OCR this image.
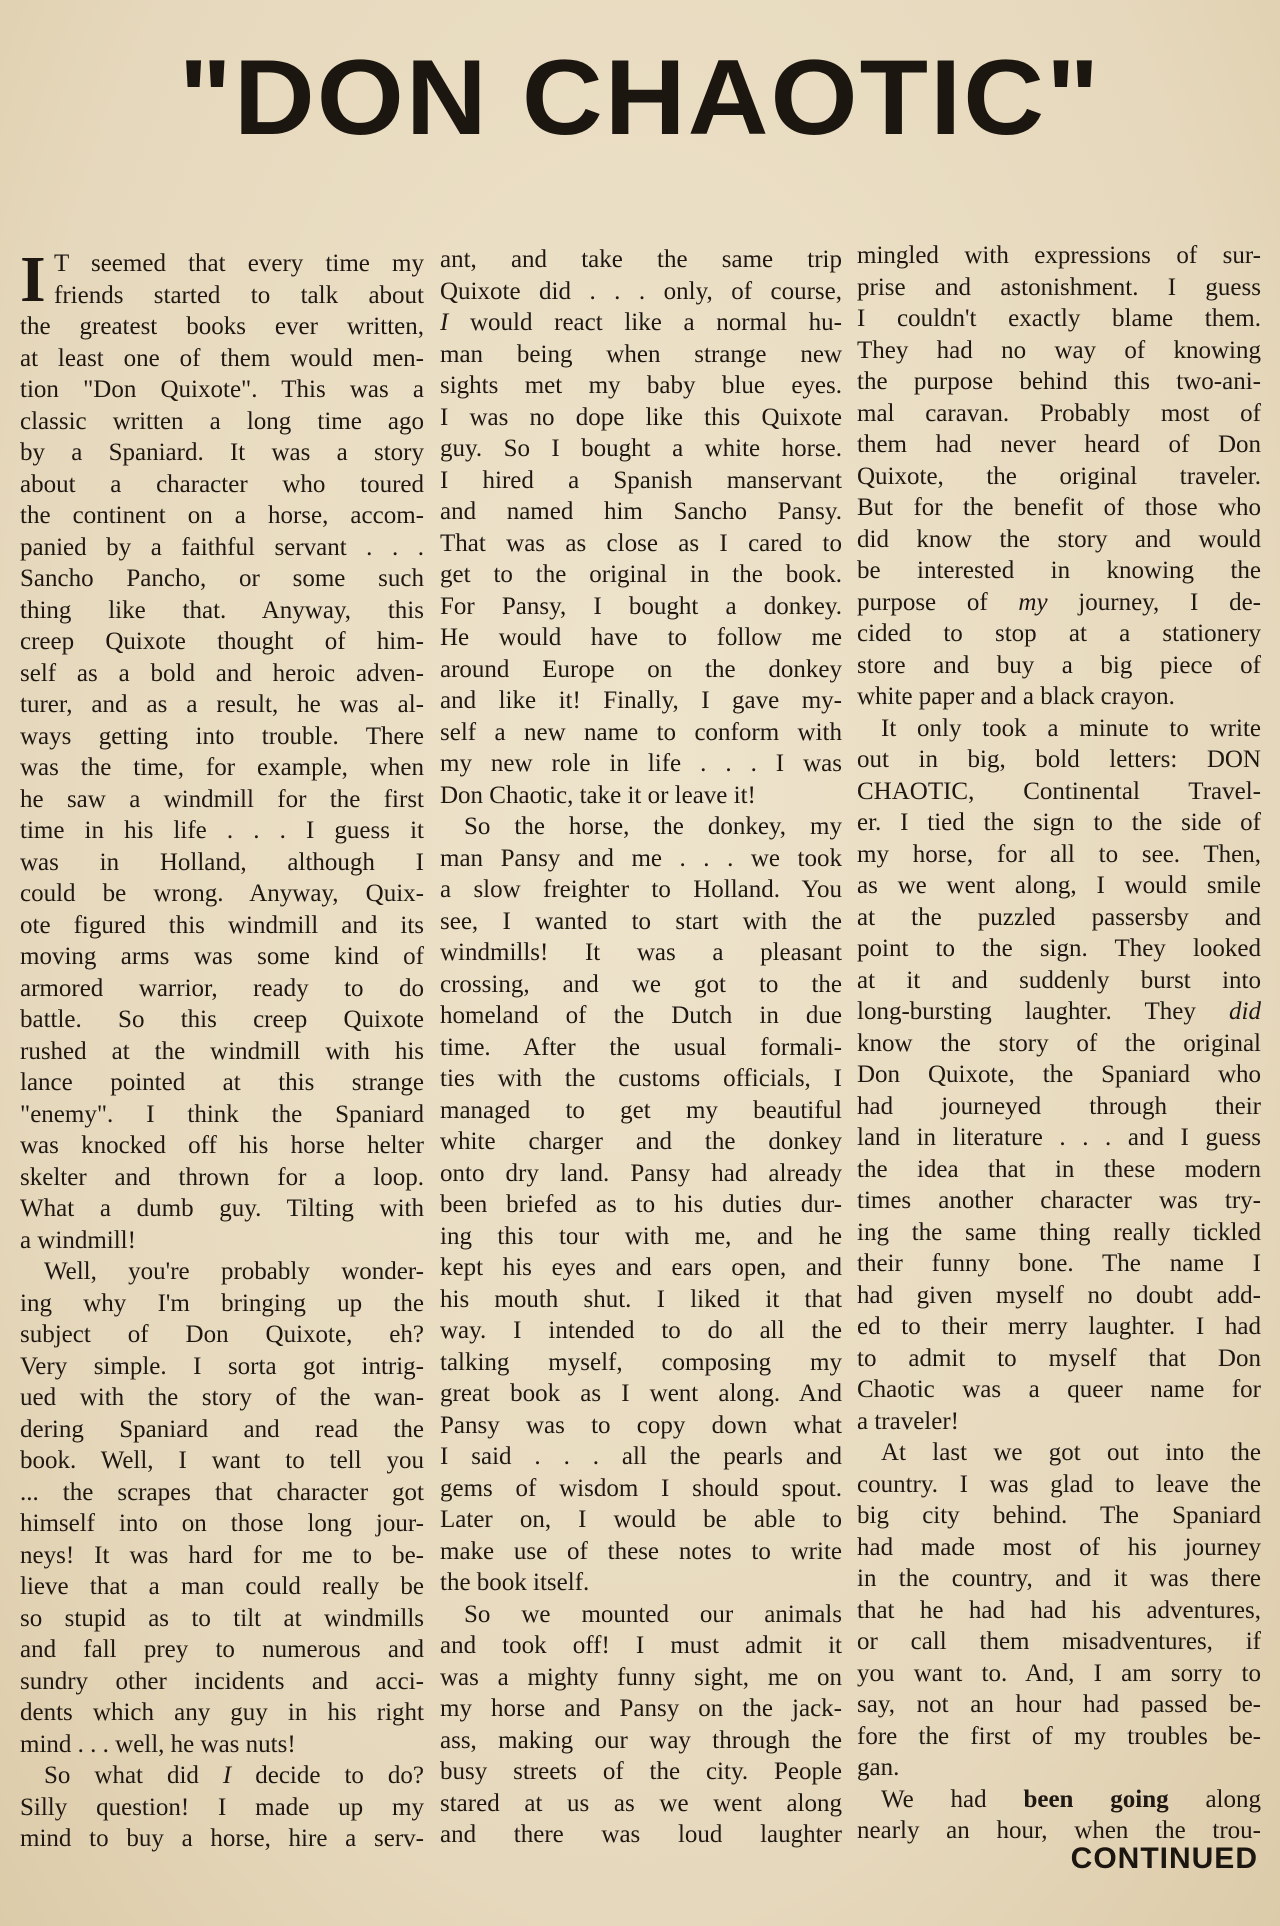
"DON CHAOTIC"
I T seemed that every time my
friends started to talk about
the greatest books ever written,
at least one of them would men-
tion "Don Quixote". This was a
classic written a long time ago
by a Spaniard. It was a story
about a character who toured
the continent on a horse, accom-
panied by a faithful servant . . .
Sancho Pancho, or some such
thing like that. Anyway, this
creep Quixote thought of him-
self as a bold and heroic adven-
turer, and as a result, he was al-
ways getting into trouble. There
was the time, for example, when
he saw a windmill for the first
time in his life . . . I guess it
was in Holland, although I
could be wrong. Anyway, Quix-
ote figured this windmill and its
moving arms was some kind of
armored warrior, ready to do
battle. So this creep Quixote
rushed at the windmill with his
lance pointed at this strange
"enemy". I think the Spaniard
was knocked off his horse helter
skelter and thrown for a loop.
What a dumb guy. Tilting with
a windmill!
Well, you're probably wonder-
ing why I'm bringing up the
subject of Don Quixote, eh?
Very simple. I sorta got intrig-
ued with the story of the wan-
dering Spaniard and read the
book. Well, I want to tell you
... the scrapes that character got
himself into on those long jour-
neys! It was hard for me to be-
lieve that a man could really be
so stupid as to tilt at windmills
and fall prey to numerous and
sundry other incidents and acci-
dents which any guy in his right
mind . . . well, he was nuts!
So what did I decide to do?
Silly question! I made up my
mind to buy a horse, hire a serv-
ant, and take the same trip
Quixote did . . . only, of course,
I would react like a normal hu-
man being when strange new
sights met my baby blue eyes.
I was no dope like this Quixote
guy. So I bought a white horse.
I hired a Spanish manservant
and named him Sancho Pansy.
That was as close as I cared to
get to the original in the book.
For Pansy, I bought a donkey.
He would have to follow me
around Europe on the donkey
and like it! Finally, I gave my-
self a new name to conform with
my new role in life . . . I was
Don Chaotic, take it or leave it!
So the horse, the donkey, my
man Pansy and me . . . we took
a slow freighter to Holland. You
see, I wanted to start with the
windmills! It was a pleasant
crossing, and we got to the
homeland of the Dutch in due
time. After the usual formali-
ties with the customs officials, I
managed to get my beautiful
white charger and the donkey
onto dry land. Pansy had already
been briefed as to his duties dur-
ing this tour with me, and he
kept his eyes and ears open, and
his mouth shut. I liked it that
way. I intended to do all the
talking myself, composing my
great book as I went along. And
Pansy was to copy down what
I said . . . all the pearls and
gems of wisdom I should spout.
Later on, I would be able to
make use of these notes to write
the book itself.
So we mounted our animals
and took off! I must admit it
was a mighty funny sight, me on
my horse and Pansy on the jack-
ass, making our way through the
busy streets of the city. People
stared at us as we went along
and there was loud laughter
mingled with expressions of sur-
prise and astonishment. I guess
I couldn't exactly blame them.
They had no way of knowing
the purpose behind this two-ani-
mal caravan. Probably most of
them had never heard of Don
Quixote, the original traveler.
But for the benefit of those who
did know the story and would
be interested in knowing the
purpose of my journey, I de-
cided to stop at a stationery
store and buy a big piece of
white paper and a black crayon.
It only took a minute to write
out in big, bold letters: DON
CHAOTIC, Continental Travel-
er. I tied the sign to the side of
my horse, for all to see. Then,
as we went along, I would smile
at the puzzled passersby and
point to the sign. They looked
at it and suddenly burst into
long-bursting laughter. They did
know the story of the original
Don Quixote, the Spaniard who
had journeyed through their
land in literature . . . and I guess
the idea that in these modern
times another character was try-
ing the same thing really tickled
their funny bone. The name I
had given myself no doubt add-
ed to their merry laughter. I had
to admit to myself that Don
Chaotic was a queer name for
a traveler!
At last we got out into the
country. I was glad to leave the
big city behind. The Spaniard
had made most of his journey
in the country, and it was there
that he had had his adventures,
or call them misadventures, if
you want to. And, I am sorry to
say, not an hour had passed be-
fore the first of my troubles be-
gan.
We had been going along
nearly an hour, when the trou-
CONTINUED
